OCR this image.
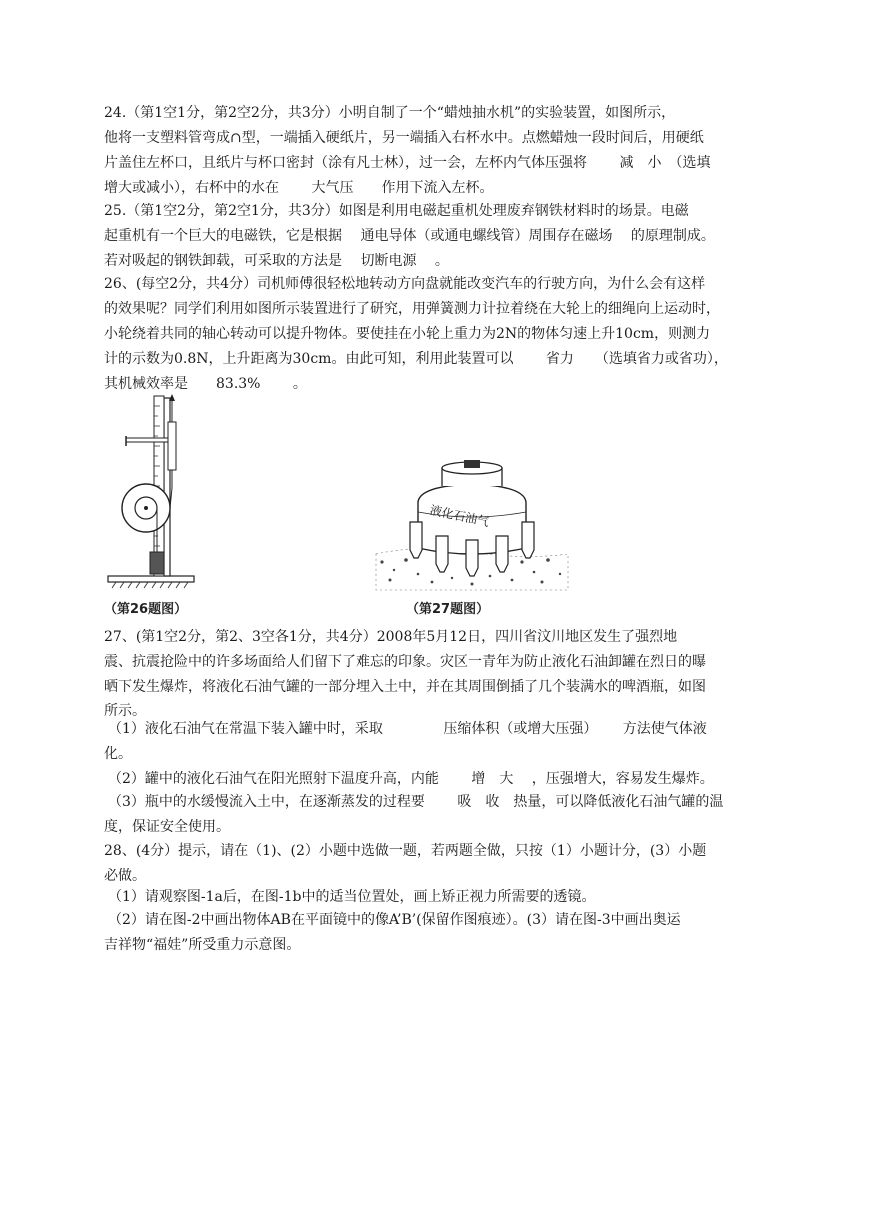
24.（第1空1分，第2空2分，共3分）小明自制了一个“蜡烛抽水机”的实验装置，如图所示，
他将一支塑料管弯成∩型，一端插入硬纸片，另一端插入右杯水中。点燃蜡烛一段时间后，用硬纸
片盖住左杯口，且纸片与杯口密封（涂有凡士林），过一会，左杯内气体压强将　　 减　小　（选填
增大或减小），右杯中的水在　　 大气压　　作用下流入左杯。
25.（第1空2分，第2空1分，共3分）如图是利用电磁起重机处理废弃钢铁材料时的场景。电磁
起重机有一个巨大的电磁铁，它是根据　 通电导体（或通电螺线管）周围存在磁场　 的原理制成。
若对吸起的钢铁卸载，可采取的方法是　 切断电源　 。
26、(每空2分，共4分）司机师傅很轻松地转动方向盘就能改变汽车的行驶方向，为什么会有这样
的效果呢？同学们利用如图所示装置进行了研究，用弹簧测力计拉着绕在大轮上的细绳向上运动时，
小轮绕着共同的轴心转动可以提升物体。要使挂在小轮上重力为2N的物体匀速上升10cm，则测力
计的示数为0.8N，上升距离为30cm。由此可知，利用此装置可以　　 省力　　（选填省力或省功），
其机械效率是　　83.3%　　 。
（第26题图）
液化石油气
（第27题图）
27、(第1空2分，第2、3空各1分，共4分）2008年5月12日，四川省汶川地区发生了强烈地
震、抗震抢险中的许多场面给人们留下了难忘的印象。灾区一青年为防止液化石油卸罐在烈日的曝
晒下发生爆炸，将液化石油气罐的一部分埋入土中，并在其周围倒插了几个装满水的啤酒瓶，如图
所示。
（1）液化石油气在常温下装入罐中时，采取　　　　 压缩体积（或增大压强）　　 方法使气体液
化。
（2）罐中的液化石油气在阳光照射下温度升高，内能　　 增　大　 ，压强增大，容易发生爆炸。
（3）瓶中的水缓慢流入土中，在逐渐蒸发的过程要　　 吸　收　热量，可以降低液化石油气罐的温
度，保证安全使用。
28、(4分）提示，请在（1)、(2）小题中选做一题，若两题全做，只按（1）小题计分，(3）小题
必做。
（1）请观察图-1a后，在图-1b中的适当位置处，画上矫正视力所需要的透镜。
（2）请在图-2中画出物体AB在平面镜中的像A’B’(保留作图痕迹）。(3）请在图-3中画出奥运
吉祥物“福娃”所受重力示意图。
